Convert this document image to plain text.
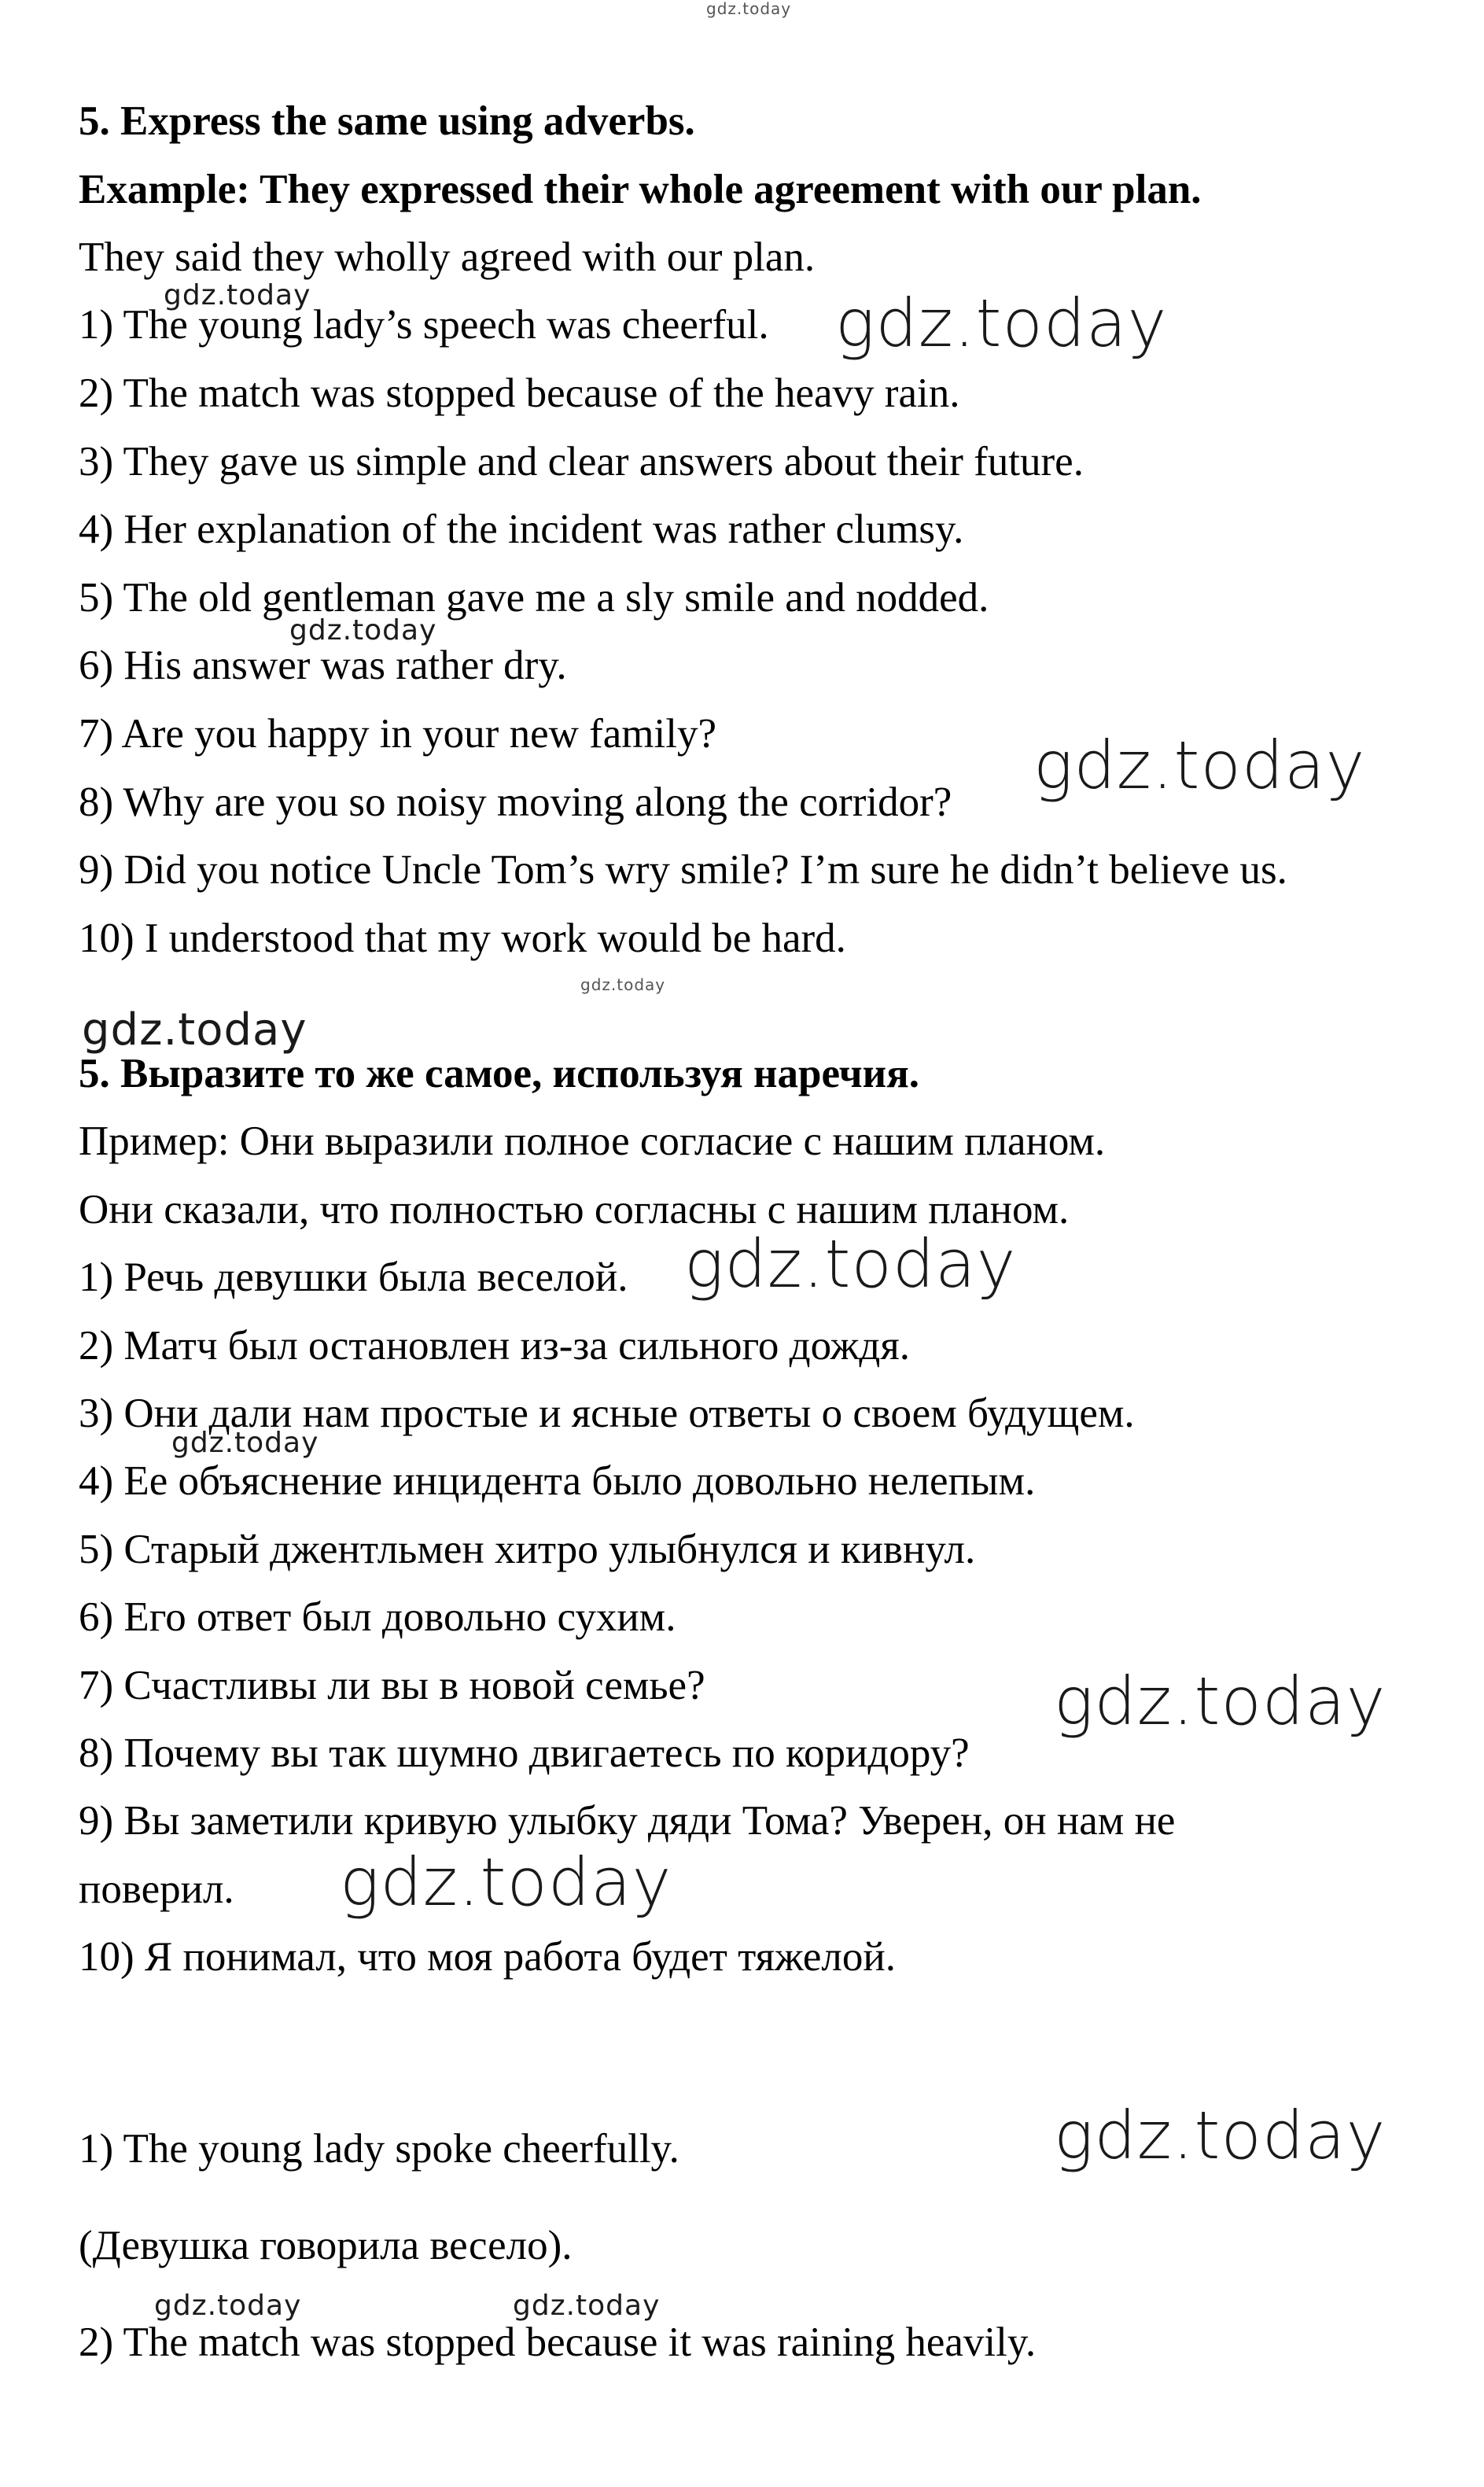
gdz.today
5. Express the same using adverbs.
Example: They expressed their whole agreement with our plan.
They said they wholly agreed with our plan.
1) The young lady’s speech was cheerful.
2) The match was stopped because of the heavy rain.
3) They gave us simple and clear answers about their future.
4) Her explanation of the incident was rather clumsy.
5) The old gentleman gave me a sly smile and nodded.
6) His answer was rather dry.
7) Are you happy in your new family?
8) Why are you so noisy moving along the corridor?
9) Did you notice Uncle Tom’s wry smile? I’m sure he didn’t believe us.
10) I understood that my work would be hard.
5. Выразите то же самое, используя наречия.
Пример: Они выразили полное согласие с нашим планом.
Они сказали, что полностью согласны с нашим планом.
1) Речь девушки была веселой.
2) Матч был остановлен из-за сильного дождя.
3) Они дали нам простые и ясные ответы о своем будущем.
4) Ее объяснение инцидента было довольно нелепым.
5) Старый джентльмен хитро улыбнулся и кивнул.
6) Его ответ был довольно сухим.
7) Счастливы ли вы в новой семье?
8) Почему вы так шумно двигаетесь по коридору?
9) Вы заметили кривую улыбку дяди Тома? Уверен, он нам не
поверил.
10) Я понимал, что моя работа будет тяжелой.
1) The young lady spoke cheerfully.
(Девушка говорила весело).
2) The match was stopped because it was raining heavily.
gdz.today	gdz.today
gdz.today
gdz.today
gdz.today
gdz.today
gdz.today
gdz.today
gdz.today
gdz.today
gdz.today
gdz.today	gdz.today
